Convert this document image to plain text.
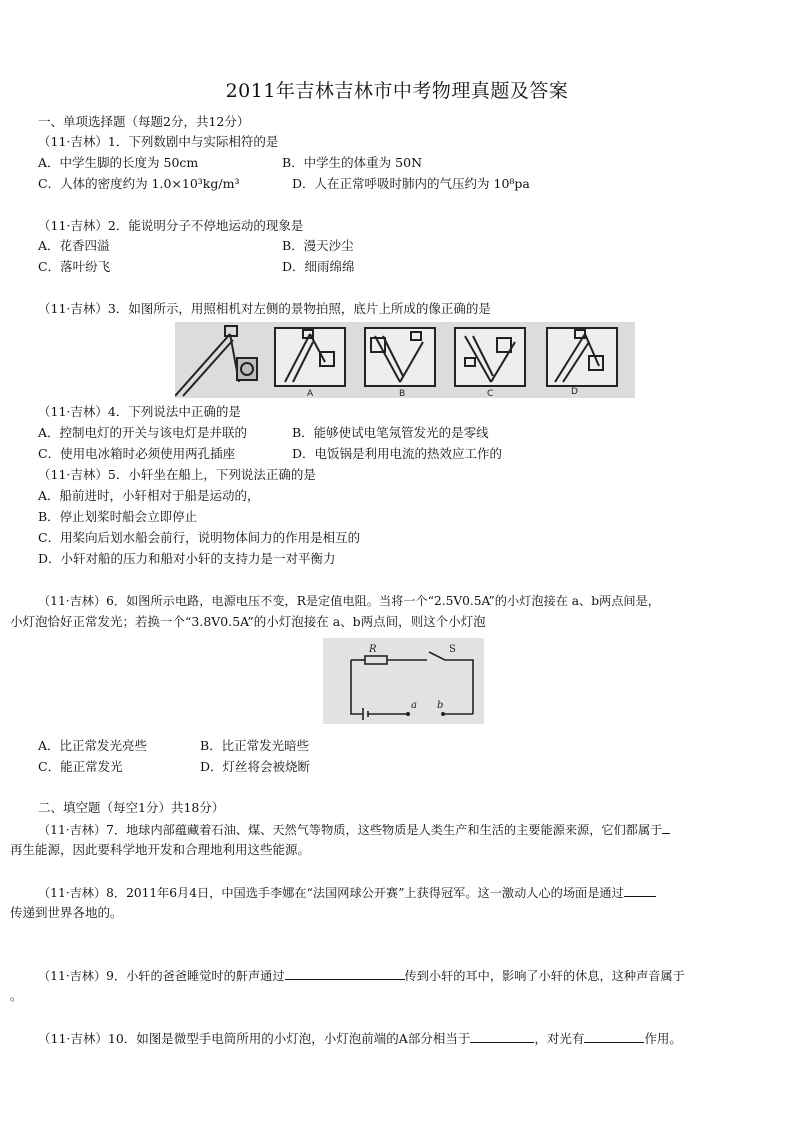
2011年吉林吉林市中考物理真题及答案
一、单项选择题（每题2分，共12分）
（11·吉林）1．下列数剧中与实际相符的是
A．中学生脚的长度为 50cm	B．中学生的体重为 50N
C．人体的密度约为 1.0×10³kg/m³	D．人在正常呼吸时肺内的气压约为 10⁸pa
（11·吉林）2．能说明分子不停地运动的现象是
A．花香四溢	B．漫天沙尘
C．落叶纷飞	D．细雨绵绵
（11·吉林）3．如图所示，用照相机对左侧的景物拍照，底片上所成的像正确的是
A	B	C	D
（11·吉林）4．下列说法中正确的是
A．控制电灯的开关与该电灯是并联的	B．能够使试电笔氖管发光的是零线
C．使用电冰箱时必须使用两孔插座	D．电饭锅是利用电流的热效应工作的
（11·吉林）5．小轩坐在船上，下列说法正确的是
A．船前进时，小轩相对于船是运动的，
B．停止划桨时船会立即停止
C．用桨向后划水船会前行，说明物体间力的作用是相互的
D．小轩对船的压力和船对小轩的支持力是一对平衡力
（11·吉林）6．如图所示电路，电源电压不变，R是定值电阻。当将一个“2.5V0.5A”的小灯泡接在 a、b两点间是，
小灯泡恰好正常发光；若换一个“3.8V0.5A”的小灯泡接在 a、b两点间，则这个小灯泡
R	S
a b
A．比正常发光亮些	B．比正常发光暗些
C．能正常发光	D．灯丝将会被烧断
二、填空题（每空1分）共18分）
（11·吉林）7．地球内部蕴藏着石油、煤、天然气等物质，这些物质是人类生产和生活的主要能源来源，它们都属于
再生能源，因此要科学地开发和合理地利用这些能源。
（11·吉林）8．2011年6月4日，中国选手李娜在“法国网球公开赛”上获得冠军。这一激动人心的场面是通过
传递到世界各地的。
（11·吉林）9．小轩的爸爸睡觉时的鼾声通过	传到小轩的耳中，影响了小轩的休息，这种声音属于
。
（11·吉林）10．如图是微型手电筒所用的小灯泡，小灯泡前端的A部分相当于	，对光有	作用。
